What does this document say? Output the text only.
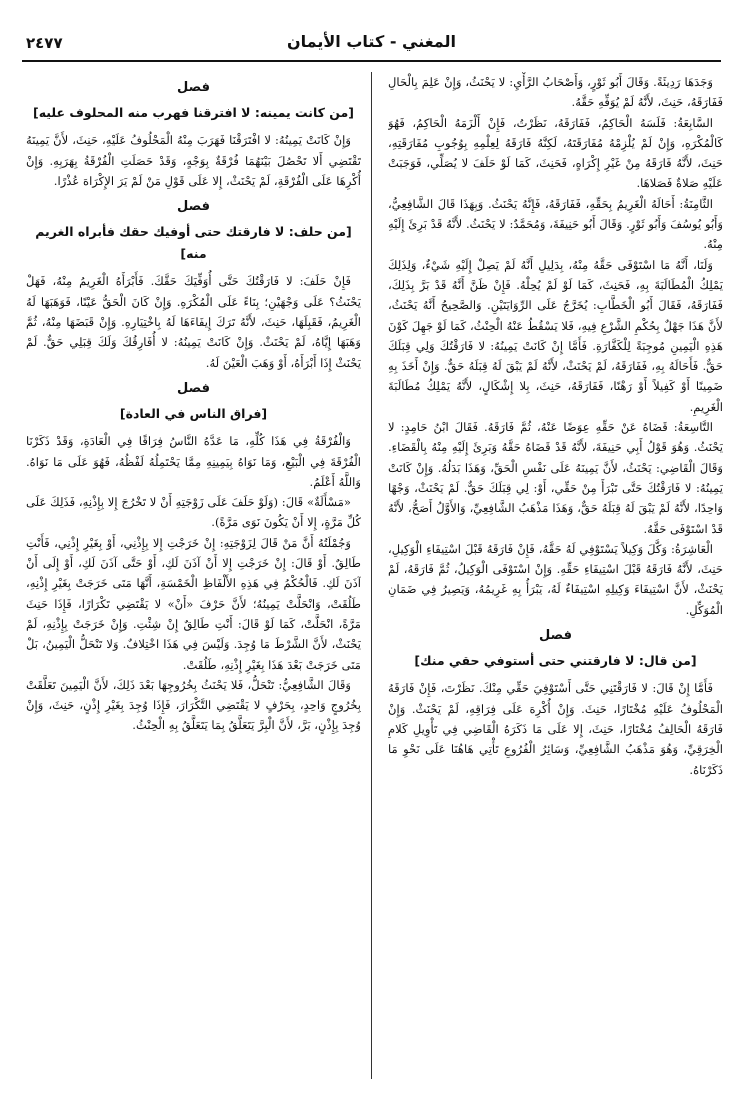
المغني - كتاب الأيمان
٢٤٧٧

وَجَدَهَا رَدِيئَةً. وَقَالَ أَبُو ثَوْرٍ، وَأَصْحَابُ الرَّأْيِ: لا يَحْنَثُ، وَإِنْ عَلِمَ بِالْحَالِ فَفَارَقَهُ، حَنِثَ، لأَنَّهُ لَمْ يُوَفِّهِ حَقَّهُ.

السَّابِعَةُ: فَلَسَهُ الْحَاكِمُ، فَفَارَقَهُ، نَظَرْتُ، فَإِنْ أَلْزَمَهُ الْحَاكِمُ، فَهُوَ كَالْمُكْرَهِ، وَإِنْ لَمْ يُلْزِمْهُ مُفَارَقَتَهُ، لَكِنَّهُ فَارَقَهُ لِعِلْمِهِ بِوُجُوبِ مُفَارَقَتِهِ، حَنِثَ، لأَنَّهُ فَارَقَهُ مِنْ غَيْرِ إِكْرَاهٍ، فَحَنِثَ، كَمَا لَوْ حَلَفَ لا يُصَلِّي، فَوَجَبَتْ عَلَيْهِ صَلاةٌ فَصَلاهَا.

الثَّامِنَةُ: أَحَالَهُ الْغَرِيمُ بِحَقِّهِ، فَفَارَقَهُ، فَإِنَّهُ يَحْنَثُ. وَبِهَذَا قَالَ الشَّافِعِيُّ، وَأَبُو يُوسُفَ وَأَبُو ثَوْرٍ. وَقَالَ أَبُو حَنِيفَةَ، وَمُحَمَّدٌ: لا يَحْنَثُ. لأَنَّهُ قَدْ بَرِئَ إِلَيْهِ مِنْهُ.

وَلَنَا، أَنَّهُ مَا اسْتَوْفَى حَقَّهُ مِنْهُ، بِدَلِيلِ أَنَّهُ لَمْ يَصِلْ إِلَيْهِ شَيْءٌ، وَلِذَلِكَ يَمْلِكُ الْمُطَالَبَةَ بِهِ، فَحَنِثَ، كَمَا لَوْ لَمْ يُحِلْهُ. فَإِنْ ظَنَّ أَنَّهُ قَدْ بَرَّ بِذَلِكَ، فَفَارَقَهُ، فَقَالَ أَبُو الْخَطَّابِ: يُخَرَّجُ عَلَى الرِّوَايَتَيْنِ. وَالصَّحِيحُ أَنَّهُ يَحْنَثُ، لأَنَّ هَذَا جَهْلٌ بِحُكْمِ الشَّرْعِ فِيهِ، فَلا يَسْقُطُ عَنْهُ الْحِنْثُ، كَمَا لَوْ جَهِلَ كَوْنَ هَذِهِ الْيَمِينِ مُوجِبَةً لِلْكَفَّارَةِ. فَأَمَّا إِنْ كَانَتْ يَمِينُهُ: لا فَارَقْتُكَ وَلِي قِبَلَكَ حَقٌّ. فَأَحَالَهُ بِهِ، فَفَارَقَهُ، لَمْ يَحْنَثْ، لأَنَّهُ لَمْ يَبْقَ لَهُ قِبَلَهُ حَقٌّ. وَإِنْ أَخَذَ بِهِ ضَمِينًا أَوْ كَفِيلاً أَوْ رَهْنًا، فَفَارَقَهُ، حَنِثَ، بِلا إِشْكَالٍ، لأَنَّهُ يَمْلِكُ مُطَالَبَةَ الْغَرِيمِ.

التَّاسِعَةُ: قَضَاهُ عَنْ حَقِّهِ عِوَضًا عَنْهُ، ثُمَّ فَارَقَهُ. فَقَالَ ابْنُ حَامِدٍ: لا يَحْنَثُ. وَهُوَ قَوْلُ أَبِي حَنِيفَةَ، لأَنَّهُ قَدْ قَضَاهُ حَقَّهُ وَبَرِئَ إِلَيْهِ مِنْهُ بِالْقَضَاءِ. وَقَالَ الْقَاضِي: يَحْنَثُ، لأَنَّ يَمِينَهُ عَلَى نَفْسِ الْحَقِّ، وَهَذَا بَدَلُهُ. وَإِنْ كَانَتْ يَمِينُهُ: لا فَارَقْتُكَ حَتَّى تَبْرَأَ مِنْ حَقِّي، أَوْ: لِي قِبَلَكَ حَقٌّ. لَمْ يَحْنَثْ، وَجْهًا وَاحِدًا، لأَنَّهُ لَمْ يَبْقَ لَهُ قِبَلَهُ حَقٌّ، وَهَذَا مَذْهَبُ الشَّافِعِيِّ، وَالأَوَّلُ أَصَحُّ، لأَنَّهُ قَدْ اسْتَوْفَى حَقَّهُ.

الْعَاشِرَةُ: وَكَّلَ وَكِيلاً يَسْتَوْفِي لَهُ حَقَّهُ، فَإِنْ فَارَقَهُ قَبْلَ اسْتِيفَاءِ الْوَكِيلِ، حَنِثَ، لأَنَّهُ فَارَقَهُ قَبْلَ اسْتِيفَاءِ حَقِّهِ. وَإِنْ اسْتَوْفَى الْوَكِيلُ، ثُمَّ فَارَقَهُ، لَمْ يَحْنَثْ، لأَنَّ اسْتِيفَاءَ وَكِيلِهِ اسْتِيفَاءٌ لَهُ، يَبْرَأُ بِهِ غَرِيمُهُ، وَيَصِيرُ فِي ضَمَانِ الْمُوَكِّلِ.

فصل
[من قال: لا فارقتني حتى أستوفي حقي منك]

فَأَمَّا إِنْ قَالَ: لا فَارَقْتَنِي حَتَّى أَسْتَوْفِيَ حَقِّي مِنْكَ. نَظَرْتَ، فَإِنْ فَارَقَهُ الْمَحْلُوفُ عَلَيْهِ مُخْتَارًا، حَنِثَ. وَإِنْ أُكْرِهَ عَلَى فِرَاقِهِ، لَمْ يَحْنَثْ. وَإِنْ فَارَقَهُ الْحَالِفُ مُخْتَارًا، حَنِثَ، إِلا عَلَى مَا ذَكَرَهُ الْقَاضِي فِي تَأْوِيلِ كَلامِ الْخِرَقِيِّ، وَهُوَ مَذْهَبُ الشَّافِعِيِّ، وَسَائِرُ الْفُرُوعِ تَأْتِي هَاهُنَا عَلَى نَحْوِ مَا ذَكَرْنَاهُ.

فصل
[من كانت يمينه: لا افترقنا فهرب منه المحلوف عليه]

وَإِنْ كَانَتْ يَمِينُهُ: لا افْتَرَقْنَا فَهَرَبَ مِنْهُ الْمَحْلُوفُ عَلَيْهِ، حَنِثَ، لأَنَّ يَمِينَهُ تَقْتَضِي أَلا تَحْصُلَ بَيْنَهُمَا فُرْقَةٌ بِوَجْهٍ، وَقَدْ حَصَلَتِ الْفُرْقَةُ بِهَرَبِهِ. وَإِنْ أُكْرِهَا عَلَى الْفُرْقَةِ، لَمْ يَحْنَثْ، إِلا عَلَى قَوْلِ مَنْ لَمْ يَرَ الإِكْرَاهَ عُذْرًا.

فصل
[من حلف: لا فارقتك حتى أوفيك حقك فأبراه الغريم منه]

فَإِنْ حَلَفَ: لا فَارَقْتُكَ حَتَّى أُوَفِّيَكَ حَقَّكَ. فَأَبْرَأَهُ الْغَرِيمُ مِنْهُ، فَهَلْ يَحْنَثُ؟ عَلَى وَجْهَيْنِ؛ بِنَاءً عَلَى الْمُكْرَهِ. وَإِنْ كَانَ الْحَقُّ عَيْنًا، فَوَهَبَهَا لَهُ الْغَرِيمُ، فَقَبِلَهَا، حَنِثَ، لأَنَّهُ تَرَكَ إِيفَاءَهَا لَهُ بِاخْتِيَارِهِ. وَإِنْ قَبَضَهَا مِنْهُ، ثُمَّ وَهَبَهَا إِيَّاهُ، لَمْ يَحْنَثْ. وَإِنْ كَانَتْ يَمِينُهُ: لا أُفَارِقُكَ وَلَكَ قِبَلِي حَقٌّ. لَمْ يَحْنَثْ إِذَا أَبْرَأَهُ، أَوْ وَهَبَ الْعَيْنَ لَهُ.

فصل
[فراق الناس في العادة]

وَالْفُرْقَةُ فِي هَذَا كُلِّهِ، مَا عَدَّهُ النَّاسُ فِرَاقًا فِي الْعَادَةِ، وَقَدْ ذَكَرْنَا الْفُرْقَةَ فِي الْبَيْعِ، وَمَا نَوَاهُ بِيَمِينِهِ مِمَّا يَحْتَمِلُهُ لَفْظُهُ، فَهُوَ عَلَى مَا نَوَاهُ. وَاللَّهُ أَعْلَمُ.

«مَسْأَلَةٌ» قَالَ: (وَلَوْ حَلَفَ عَلَى زَوْجَتِهِ أَنْ لا تَخْرُجَ إِلا بِإِذْنِهِ، فَذَلِكَ عَلَى كُلِّ مَرَّةٍ، إِلا أَنْ يَكُونَ نَوَى مَرَّةً).

وَجُمْلَتُهُ أَنَّ مَنْ قَالَ لِزَوْجَتِهِ: إِنْ خَرَجْتِ إِلا بِإِذْنِي، أَوْ بِغَيْرِ إِذْنِي، فَأَنْتِ طَالِقٌ. أَوْ قَالَ: إِنْ خَرَجْتِ إِلا أَنْ آذَنَ لَكِ، أَوْ حَتَّى آذَنَ لَكِ، أَوْ إِلَى أَنْ آذَنَ لَكِ. فَالْحُكْمُ فِي هَذِهِ الأَلْفَاظِ الْخَمْسَةِ، أَنَّهَا مَتَى خَرَجَتْ بِغَيْرِ إِذْنِهِ، طَلُقَتْ، وَانْحَلَّتْ يَمِينُهُ؛ لأَنَّ حَرْفَ «أَنْ» لا يَقْتَضِي تَكْرَارًا، فَإِذَا حَنِثَ مَرَّةً، انْحَلَّتْ، كَمَا لَوْ قَالَ: أَنْتِ طَالِقٌ إِنْ شِئْتِ. وَإِنْ خَرَجَتْ بِإِذْنِهِ، لَمْ يَحْنَثْ، لأَنَّ الشَّرْطَ مَا وُجِدَ. وَلَيْسَ فِي هَذَا اخْتِلافٌ. وَلا تَنْحَلُّ الْيَمِينُ، بَلْ مَتَى خَرَجَتْ بَعْدَ هَذَا بِغَيْرِ إِذْنِهِ، طَلُقَتْ.

وَقَالَ الشَّافِعِيُّ: تَنْحَلُّ، فَلا يَحْنَثُ بِخُرُوجِهَا بَعْدَ ذَلِكَ، لأَنَّ الْيَمِينَ تَعَلَّقَتْ بِخُرُوجٍ وَاحِدٍ، بِحَرْفٍ لا يَقْتَضِي التَّكْرَارَ، فَإِذَا وُجِدَ بِغَيْرِ إِذْنٍ، حَنِثَ، وَإِنْ وُجِدَ بِإِذْنٍ، بَرَّ، لأَنَّ الْبِرَّ يَتَعَلَّقُ بِمَا يَتَعَلَّقُ بِهِ الْحِنْثُ.
